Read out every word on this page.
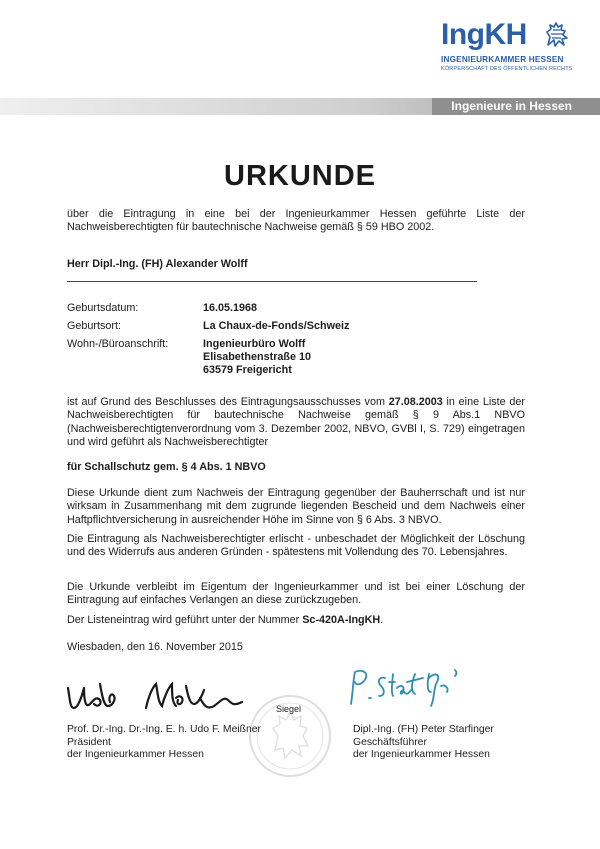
IngKH
INGENIEURKAMMER HESSEN
KÖRPERSCHAFT DES ÖFFENTLICHEN RECHTS
Ingenieure in Hessen
URKUNDE

über die Eintragung in eine bei der Ingenieurkammer Hessen geführte Liste der Nachweisberechtigten für bautechnische Nachweise gemäß § 59 HBO 2002.

Herr Dipl.-Ing. (FH) Alexander Wolff
Geburtsdatum:	16.05.1968
Geburtsort:	La Chaux-de-Fonds/Schweiz
Wohn-/Büroanschrift:	Ingenieurbüro Wolff
Elisabethenstraße 10
63579 Freigericht

ist auf Grund des Beschlusses des Eintragungsausschusses vom 27.08.2003 in eine Liste der Nachweisberechtigten für bautechnische Nachweise gemäß § 9 Abs.1 NBVO (Nachweisberechtigtenverordnung vom 3. Dezember 2002, NBVO, GVBl I, S. 729) eingetragen und wird geführt als Nachweisberechtigter

für Schallschutz gem. § 4 Abs. 1 NBVO

Diese Urkunde dient zum Nachweis der Eintragung gegenüber der Bauherrschaft und ist nur wirksam in Zusammenhang mit dem zugrunde liegenden Bescheid und dem Nachweis einer Haftpflichtversicherung in ausreichender Höhe im Sinne von § 6 Abs. 3 NBVO.

Die Eintragung als Nachweisberechtigter erlischt - unbeschadet der Möglichkeit der Löschung und des Widerrufs aus anderen Gründen - spätestens mit Vollendung des 70. Lebensjahres.

Die Urkunde verbleibt im Eigentum der Ingenieurkammer und ist bei einer Löschung der Eintragung auf einfaches Verlangen an diese zurückzugeben.

Der Listeneintrag wird geführt unter der Nummer Sc-420A-IngKH.

Wiesbaden, den 16. November 2015
Siegel
Prof. Dr.-Ing. Dr.-Ing. E. h. Udo F. Meißner
Präsident
der Ingenieurkammer Hessen
Dipl.-Ing. (FH) Peter Starfinger
Geschäftsführer
der Ingenieurkammer Hessen
